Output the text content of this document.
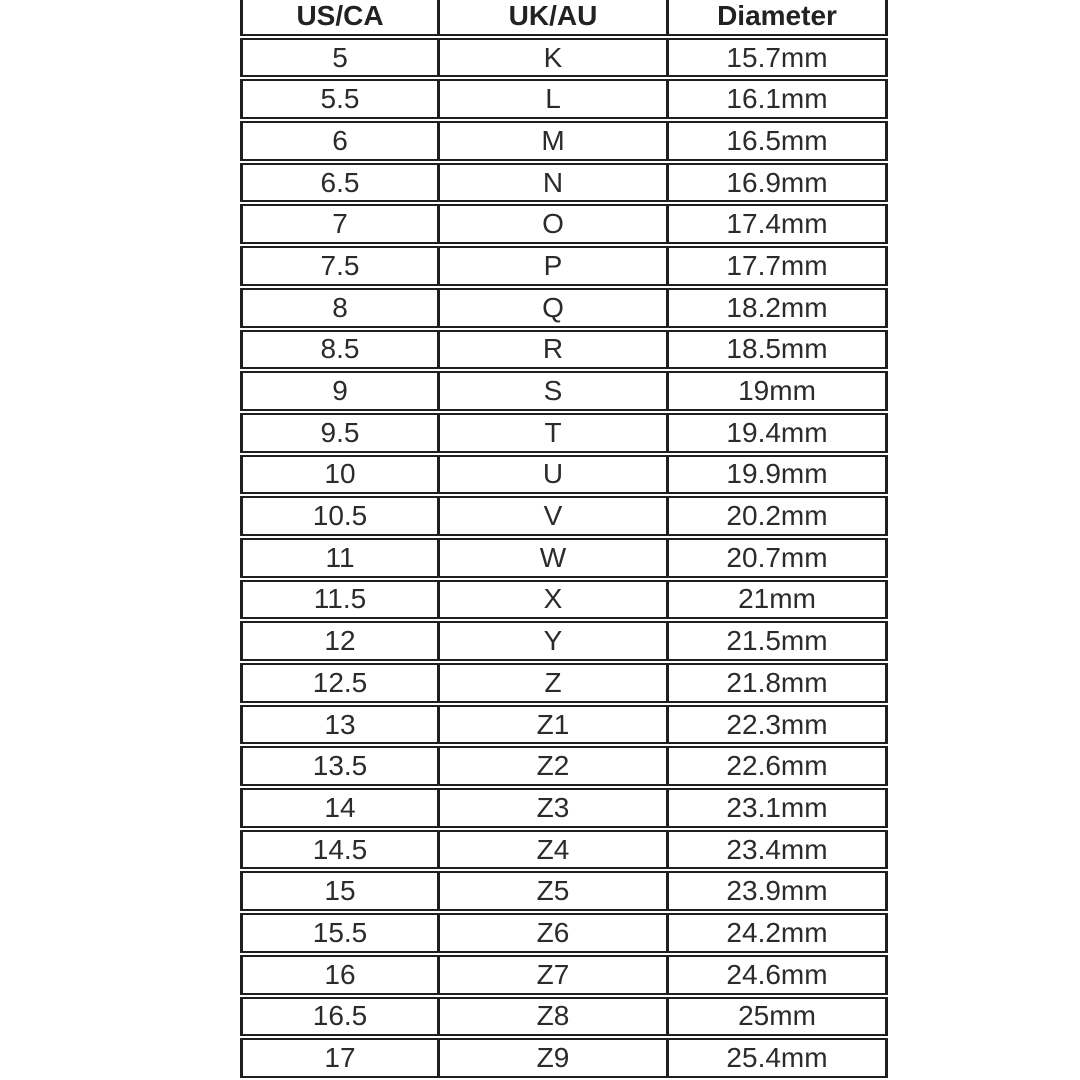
US/CA	UK/AU	Diameter
5	K	15.7mm
5.5	L	16.1mm
6	M	16.5mm
6.5	N	16.9mm
7	O	17.4mm
7.5	P	17.7mm
8	Q	18.2mm
8.5	R	18.5mm
9	S	19mm
9.5	T	19.4mm
10	U	19.9mm
10.5	V	20.2mm
11	W	20.7mm
11.5	X	21mm
12	Y	21.5mm
12.5	Z	21.8mm
13	Z1	22.3mm
13.5	Z2	22.6mm
14	Z3	23.1mm
14.5	Z4	23.4mm
15	Z5	23.9mm
15.5	Z6	24.2mm
16	Z7	24.6mm
16.5	Z8	25mm
17	Z9	25.4mm
